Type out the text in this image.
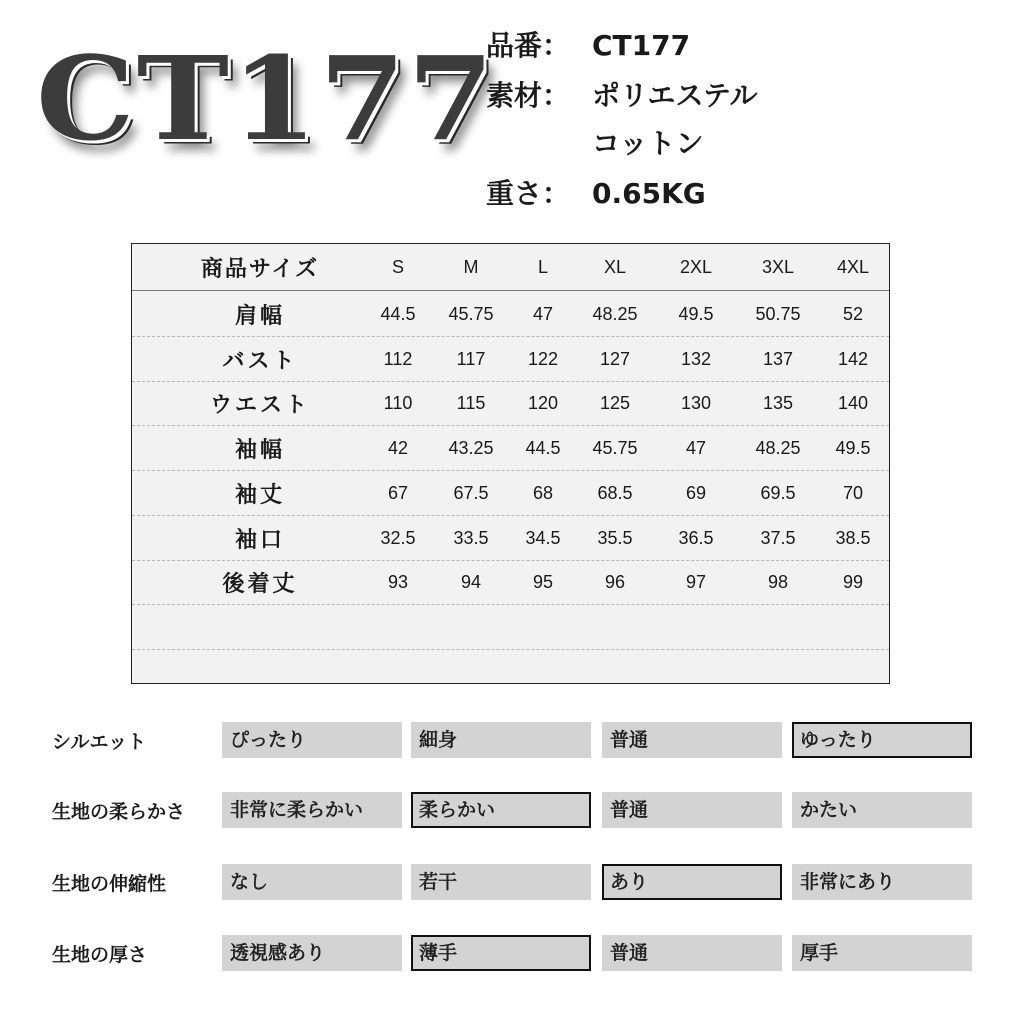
CT177
品番： CT177
素材： ポリエステル
コットン
重さ： 0.65KG
商品サイズ	S	M	L	XL	2XL	3XL	4XL
肩幅	44.5	45.75	47	48.25	49.5	50.75	52
バスト	112	117	122	127	132	137	142
ウエスト	110	115	120	125	130	135	140
袖幅	42	43.25	44.5	45.75	47	48.25	49.5
袖丈	67	67.5	68	68.5	69	69.5	70
袖口	32.5	33.5	34.5	35.5	36.5	37.5	38.5
後着丈	93	94	95	96	97	98	99
シルエット	ぴったり	細身	普通	ゆったり
生地の柔らかさ	非常に柔らかい	柔らかい	普通	かたい
生地の伸縮性	なし	若干	あり	非常にあり
生地の厚さ	透視感あり	薄手	普通	厚手
